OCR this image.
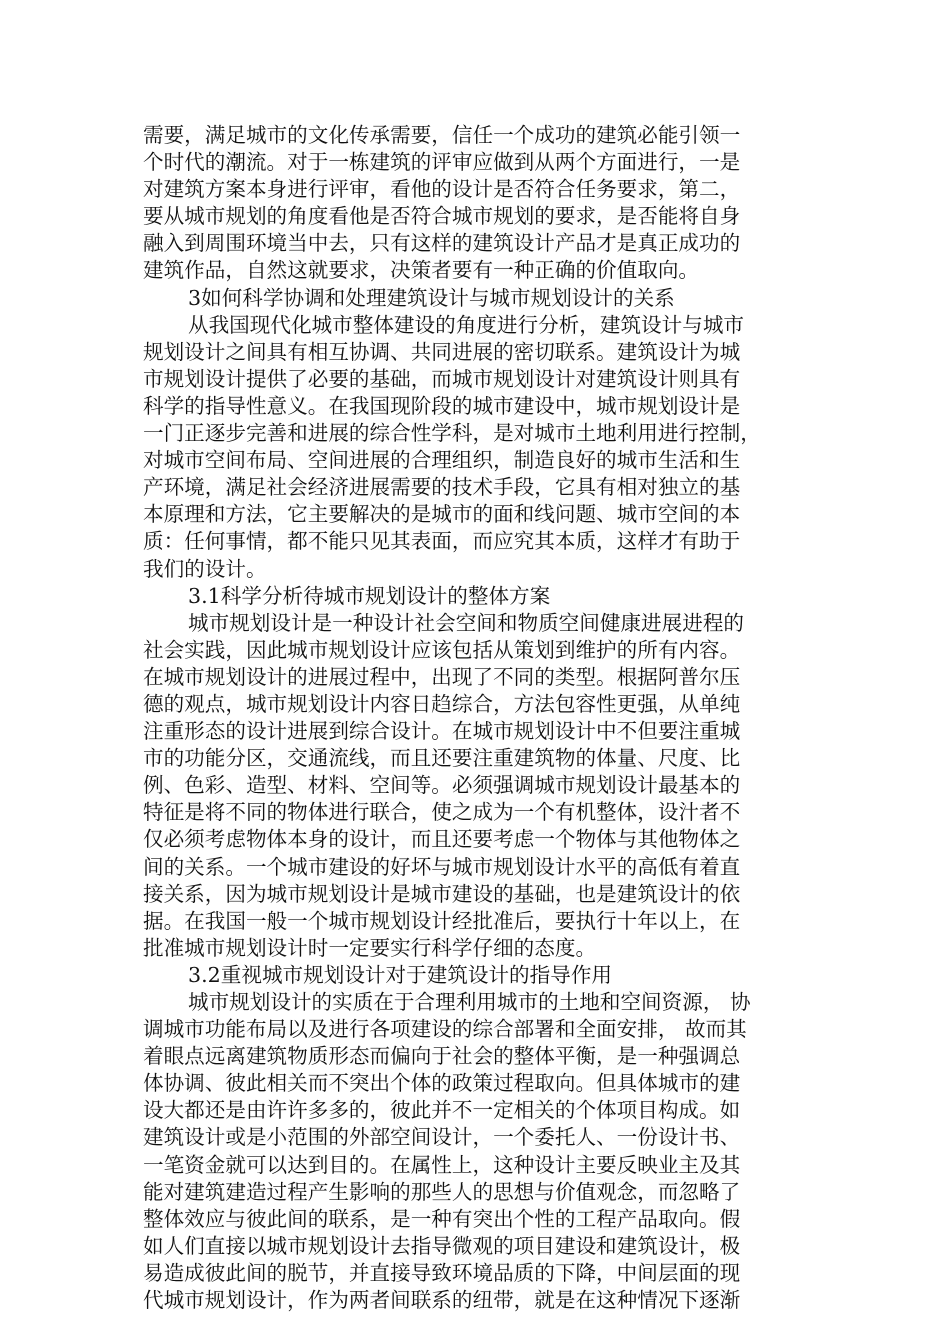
需要，满足城市的文化传承需要，信任一个成功的建筑必能引领一
个时代的潮流。对于一栋建筑的评审应做到从两个方面进行，一是
对建筑方案本身进行评审，看他的设计是否符合任务要求，第二，
要从城市规划的角度看他是否符合城市规划的要求，是否能将自身
融入到周围环境当中去，只有这样的建筑设计产品才是真正成功的
建筑作品，自然这就要求，决策者要有一种正确的价值取向。
3如何科学协调和处理建筑设计与城市规划设计的关系
从我国现代化城市整体建设的角度进行分析，建筑设计与城市
规划设计之间具有相互协调、共同进展的密切联系。建筑设计为城
市规划设计提供了必要的基础，而城市规划设计对建筑设计则具有
科学的指导性意义。在我国现阶段的城市建设中，城市规划设计是
一门正逐步完善和进展的综合性学科，是对城市土地利用进行控制，
对城市空间布局、空间进展的合理组织，制造良好的城市生活和生
产环境，满足社会经济进展需要的技术手段，它具有相对独立的基
本原理和方法，它主要解决的是城市的面和线问题、城市空间的本
质：任何事情，都不能只见其表面，而应究其本质，这样才有助于
我们的设计。
3.1科学分析待城市规划设计的整体方案
城市规划设计是一种设计社会空间和物质空间健康进展进程的
社会实践，因此城市规划设计应该包括从策划到维护的所有内容。
在城市规划设计的进展过程中，出现了不同的类型。根据阿普尔压
德的观点，城市规划设计内容日趋综合，方法包容性更强，从单纯
注重形态的设计进展到综合设计。在城市规划设计中不但要注重城
市的功能分区，交通流线，而且还要注重建筑物的体量、尺度、比
例、色彩、造型、材料、空间等。必须强调城市规划设计最基本的
特征是将不同的物体进行联合，使之成为一个有机整体，设汁者不
仅必须考虑物体本身的设计，而且还要考虑一个物体与其他物体之
间的关系。一个城市建设的好坏与城市规划设计水平的高低有着直
接关系，因为城市规划设计是城市建设的基础，也是建筑设计的依
据。在我国一般一个城市规划设计经批准后，要执行十年以上，在
批准城市规划设计时一定要实行科学仔细的态度。
3.2重视城市规划设计对于建筑设计的指导作用
城市规划设计的实质在于合理利用城市的土地和空间资源， 协
调城市功能布局以及进行各项建设的综合部署和全面安排， 故而其
着眼点远离建筑物质形态而偏向于社会的整体平衡，是一种强调总
体协调、彼此相关而不突出个体的政策过程取向。但具体城市的建
设大都还是由许许多多的，彼此并不一定相关的个体项目构成。如
建筑设计或是小范围的外部空间设计，一个委托人、一份设计书、
一笔资金就可以达到目的。在属性上，这种设计主要反映业主及其
能对建筑建造过程产生影响的那些人的思想与价值观念，而忽略了
整体效应与彼此间的联系，是一种有突出个性的工程产品取向。假
如人们直接以城市规划设计去指导微观的项目建设和建筑设计，极
易造成彼此间的脱节，并直接导致环境品质的下降，中间层面的现
代城市规划设计，作为两者间联系的纽带，就是在这种情况下逐渐
